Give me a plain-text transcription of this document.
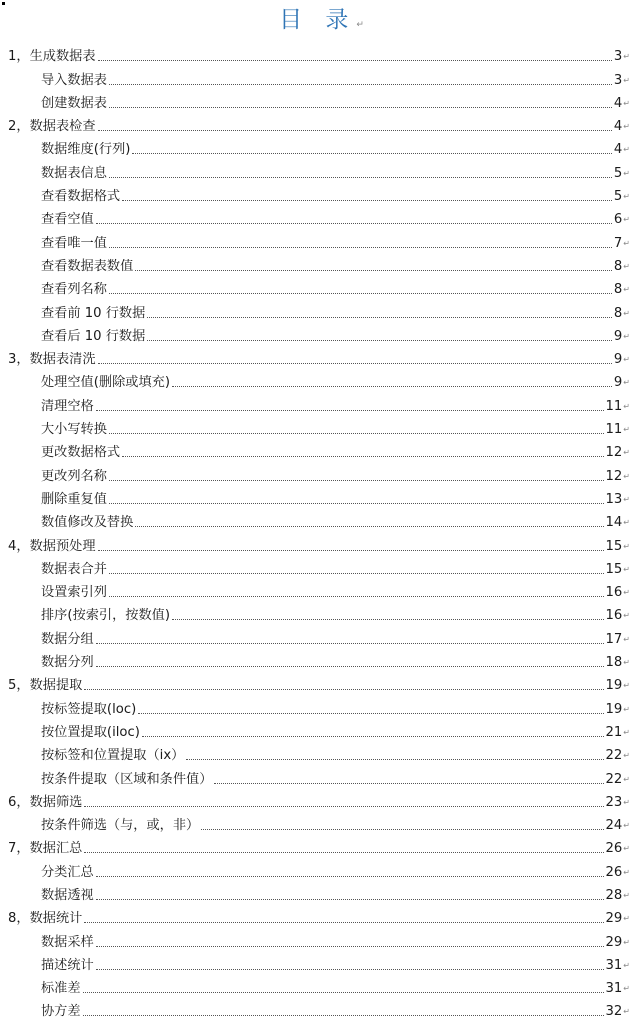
目 录↵
1，生成数据表	3 ↵
导入数据表	3 ↵
创建数据表	4 ↵
2，数据表检查	4 ↵
数据维度(行列)	4 ↵
数据表信息	5 ↵
查看数据格式	5 ↵
查看空值	6 ↵
查看唯一值	7 ↵
查看数据表数值	8 ↵
查看列名称	8 ↵
查看前 10 行数据	8 ↵
查看后 10 行数据	9 ↵
3，数据表清洗	9 ↵
处理空值(删除或填充)	9 ↵
清理空格	11 ↵
大小写转换	11 ↵
更改数据格式	12 ↵
更改列名称	12 ↵
删除重复值	13 ↵
数值修改及替换	14 ↵
4，数据预处理	15 ↵
数据表合并	15 ↵
设置索引列	16 ↵
排序(按索引，按数值)	16 ↵
数据分组	17 ↵
数据分列	18 ↵
5，数据提取	19 ↵
按标签提取(loc)	19 ↵
按位置提取(iloc)	21 ↵
按标签和位置提取（ix）	22 ↵
按条件提取（区域和条件值）	22 ↵
6，数据筛选	23 ↵
按条件筛选（与，或，非）	24 ↵
7，数据汇总	26 ↵
分类汇总	26 ↵
数据透视	28 ↵
8，数据统计	29 ↵
数据采样	29 ↵
描述统计	31 ↵
标准差	31 ↵
协方差	32 ↵
